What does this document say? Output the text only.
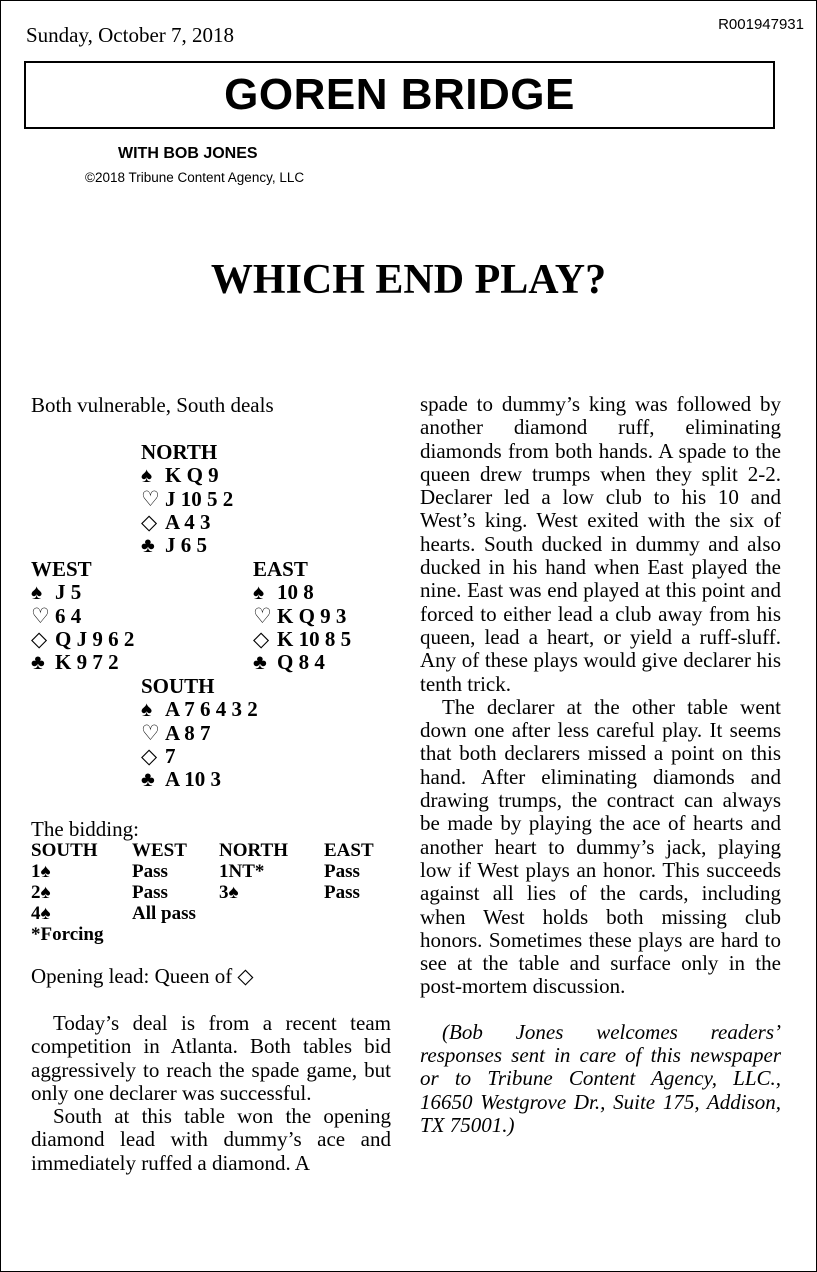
Sunday, October 7, 2018	R001947931
GOREN BRIDGE
WITH BOB JONES
©2018 Tribune Content Agency, LLC
WHICH END PLAY?
Both vulnerable, South deals
NORTH
♠ K Q 9
♡ J 10 5 2
◇ A 4 3
♣ J 6 5
WEST
♠ J 5
♡ 6 4
◇ Q J 9 6 2
♣ K 9 7 2
EAST
♠ 10 8
♡ K Q 9 3
◇ K 10 8 5
♣ Q 8 4
SOUTH
♠ A 7 6 4 3 2
♡ A 8 7
◇ 7
♣ A 10 3
The bidding:
SOUTH WEST NORTH EAST
1♠	Pass	1NT*	Pass
2♠	Pass	3♠	Pass
4♠	All pass
*Forcing
Opening lead: Queen of ◇

Today’s deal is from a recent team competition in Atlanta. Both tables bid aggressively to reach the spade game, but only one declarer was successful.

South at this table won the opening diamond lead with dummy’s ace and immediately ruffed a diamond. A

spade to dummy’s king was followed by another diamond ruff, eliminating diamonds from both hands. A spade to the queen drew trumps when they split 2-2. Declarer led a low club to his 10 and West’s king. West exited with the six of hearts. South ducked in dummy and also ducked in his hand when East played the nine. East was end played at this point and forced to either lead a club away from his queen, lead a heart, or yield a ruff-sluff. Any of these plays would give declarer his tenth trick.

The declarer at the other table went down one after less careful play. It seems that both declarers missed a point on this hand. After eliminating diamonds and drawing trumps, the contract can always be made by playing the ace of hearts and another heart to dummy’s jack, playing low if West plays an honor. This succeeds against all lies of the cards, including when West holds both missing club honors. Sometimes these plays are hard to see at the table and surface only in the post-mortem discussion.

(Bob Jones welcomes readers’ responses sent in care of this newspaper or to Tribune Content Agency, LLC., 16650 Westgrove Dr., Suite 175, Addison, TX 75001.)
